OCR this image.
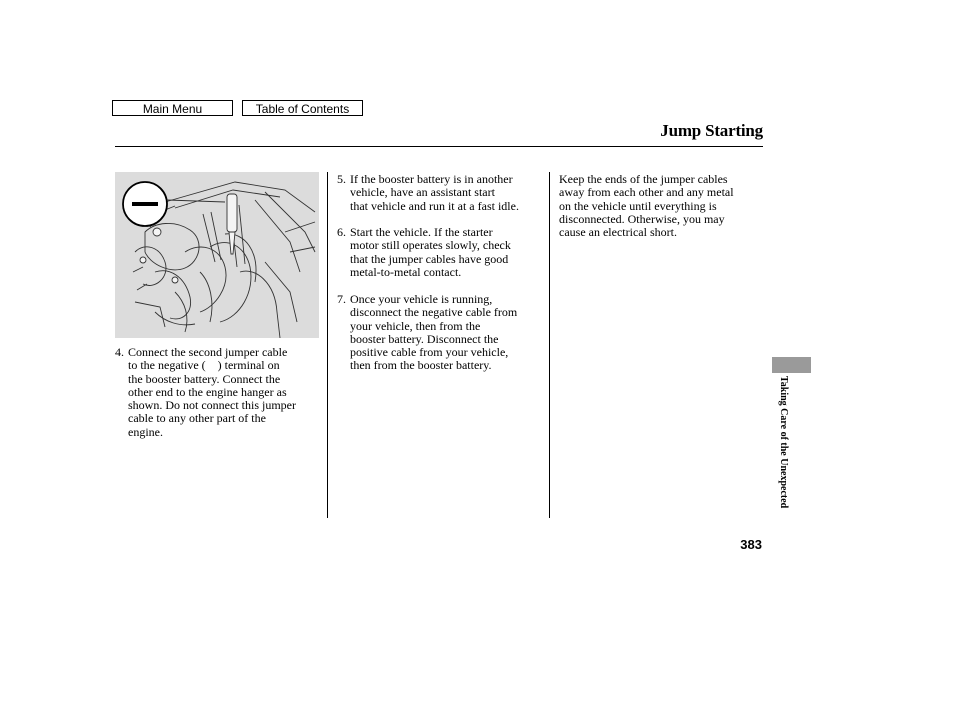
Main Menu	Table of Contents
Jump Starting
4. Connect the second jumper cable
to the negative ( ) terminal on
the booster battery. Connect the
other end to the engine hanger as
shown. Do not connect this jumper
cable to any other part of the
engine.
5. If the booster battery is in another
vehicle, have an assistant start
that vehicle and run it at a fast idle.
6. Start the vehicle. If the starter
motor still operates slowly, check
that the jumper cables have good
metal-to-metal contact.
7. Once your vehicle is running,
disconnect the negative cable from
your vehicle, then from the
booster battery. Disconnect the
positive cable from your vehicle,
then from the booster battery.
Keep the ends of the jumper cables
away from each other and any metal
on the vehicle until everything is
disconnected. Otherwise, you may
cause an electrical short.
Taking Care of the Unexpected
383
